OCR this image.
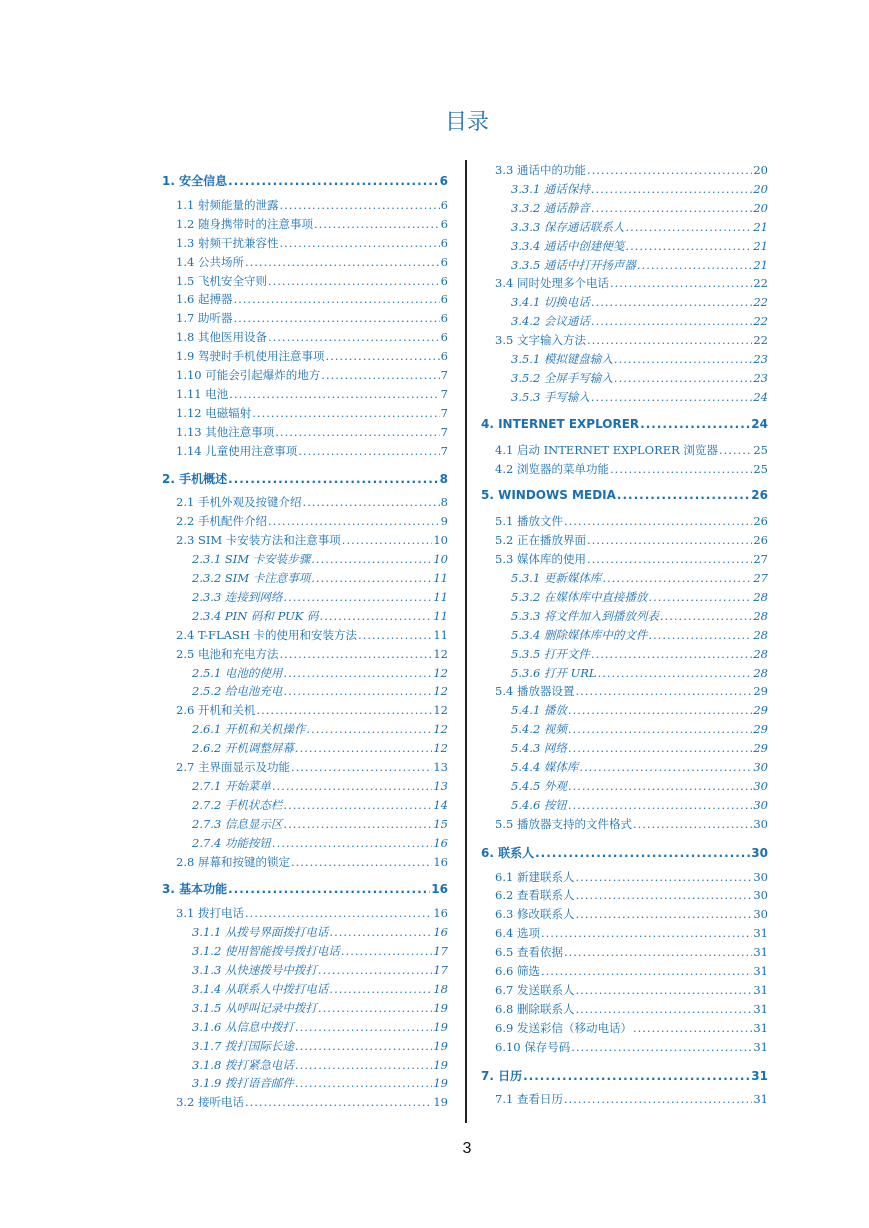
目录
1. 安全信息 .....	6
1.1 射频能量的泄露 .....	6
1.2 随身携带时的注意事项 .....	6
1.3 射频干扰兼容性 .....	6
1.4 公共场所 .....	6
1.5 飞机安全守则 .....	6
1.6 起搏器 .....	6
1.7 助听器 .....	6
1.8 其他医用设备 .....	6
1.9 驾驶时手机使用注意事项 .....	6
1.10 可能会引起爆炸的地方 .....	7
1.11 电池 .....	7
1.12 电磁辐射 .....	7
1.13 其他注意事项 .....	7
1.14 儿童使用注意事项 .....	7
2. 手机概述 .....	8
2.1 手机外观及按键介绍 .....	8
2.2 手机配件介绍 .....	9
2.3 SIM 卡安装方法和注意事项 .....	10
2.3.1 SIM 卡安装步骤 .....	10
2.3.2 SIM 卡注意事项 .....	11
2.3.3 连接到网络 .....	11
2.3.4 PIN 码和 PUK 码 .....	11
2.4 T-FLASH 卡的使用和安装方法 .....	11
2.5 电池和充电方法 .....	12
2.5.1 电池的使用 .....	12
2.5.2 给电池充电 .....	12
2.6 开机和关机 .....	12
2.6.1 开机和关机操作 .....	12
2.6.2 开机调整屏幕 .....	12
2.7 主界面显示及功能 .....	13
2.7.1 开始菜单 .....	13
2.7.2 手机状态栏 .....	14
2.7.3 信息显示区 .....	15
2.7.4 功能按钮 .....	16
2.8 屏幕和按键的锁定 .....	16
3. 基本功能 .....	16
3.1 拨打电话 .....	16
3.1.1 从拨号界面拨打电话 .....	16
3.1.2 使用智能拨号拨打电话 .....	17
3.1.3 从快速拨号中拨打 .....	17
3.1.4 从联系人中拨打电话 .....	18
3.1.5 从呼叫记录中拨打 .....	19
3.1.6 从信息中拨打 .....	19
3.1.7 拨打国际长途 .....	19
3.1.8 拨打紧急电话 .....	19
3.1.9 拨打语音邮件 .....	19
3.2 接听电话 .....	19
3.3 通话中的功能 .....	20
3.3.1 通话保持 .....	20
3.3.2 通话静音 .....	20
3.3.3 保存通话联系人 .....	21
3.3.4 通话中创建便笺 .....	21
3.3.5 通话中打开扬声器 .....	21
3.4 同时处理多个电话 .....	22
3.4.1 切换电话 .....	22
3.4.2 会议通话 .....	22
3.5 文字输入方法 .....	22
3.5.1 模拟键盘输入 .....	23
3.5.2 全屏手写输入 .....	23
3.5.3 手写输入 .....	24
4. INTERNET EXPLORER .....	24
4.1 启动 INTERNET EXPLORER 浏览器 .....	25
4.2 浏览器的菜单功能 .....	25
5. WINDOWS MEDIA .....	26
5.1 播放文件 .....	26
5.2 正在播放界面 .....	26
5.3 媒体库的使用 .....	27
5.3.1 更新媒体库 .....	27
5.3.2 在媒体库中直接播放 .....	28
5.3.3 将文件加入到播放列表 .....	28
5.3.4 删除媒体库中的文件 .....	28
5.3.5 打开文件 .....	28
5.3.6 打开 URL .....	28
5.4 播放器设置 .....	29
5.4.1 播放 .....	29
5.4.2 视频 .....	29
5.4.3 网络 .....	29
5.4.4 媒体库 .....	30
5.4.5 外观 .....	30
5.4.6 按钮 .....	30
5.5 播放器支持的文件格式 .....	30
6. 联系人 .....	30
6.1 新建联系人 .....	30
6.2 查看联系人 .....	30
6.3 修改联系人 .....	30
6.4 选项 .....	31
6.5 查看依据 .....	31
6.6 筛选 .....	31
6.7 发送联系人 .....	31
6.8 删除联系人 .....	31
6.9 发送彩信（移动电话） .....	31
6.10 保存号码 .....	31
7. 日历 .....	31
7.1 查看日历 .....	31
3
